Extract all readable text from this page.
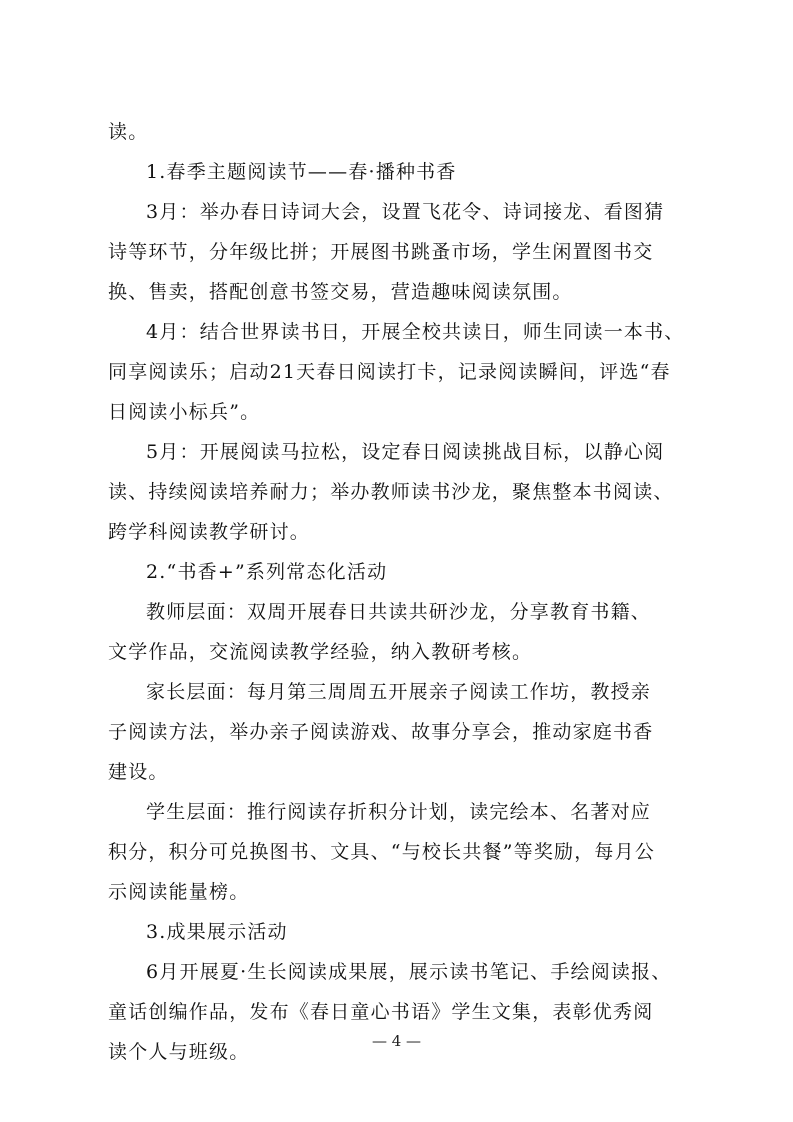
读。
1.春季主题阅读节——春·播种书香
3月：举办春日诗词大会，设置飞花令、诗词接龙、看图猜
诗等环节，分年级比拼；开展图书跳蚤市场，学生闲置图书交
换、售卖，搭配创意书签交易，营造趣味阅读氛围。
4月：结合世界读书日，开展全校共读日，师生同读一本书、
同享阅读乐；启动21天春日阅读打卡，记录阅读瞬间，评选“春
日阅读小标兵”。
5月：开展阅读马拉松，设定春日阅读挑战目标，以静心阅
读、持续阅读培养耐力；举办教师读书沙龙，聚焦整本书阅读、
跨学科阅读教学研讨。
2.“书香+”系列常态化活动
教师层面：双周开展春日共读共研沙龙，分享教育书籍、
文学作品，交流阅读教学经验，纳入教研考核。
家长层面：每月第三周周五开展亲子阅读工作坊，教授亲
子阅读方法，举办亲子阅读游戏、故事分享会，推动家庭书香
建设。
学生层面：推行阅读存折积分计划，读完绘本、名著对应
积分，积分可兑换图书、文具、“与校长共餐”等奖励，每月公
示阅读能量榜。
3.成果展示活动
6月开展夏·生长阅读成果展，展示读书笔记、手绘阅读报、
童话创编作品，发布《春日童心书语》学生文集，表彰优秀阅
读个人与班级。	— 4 —
